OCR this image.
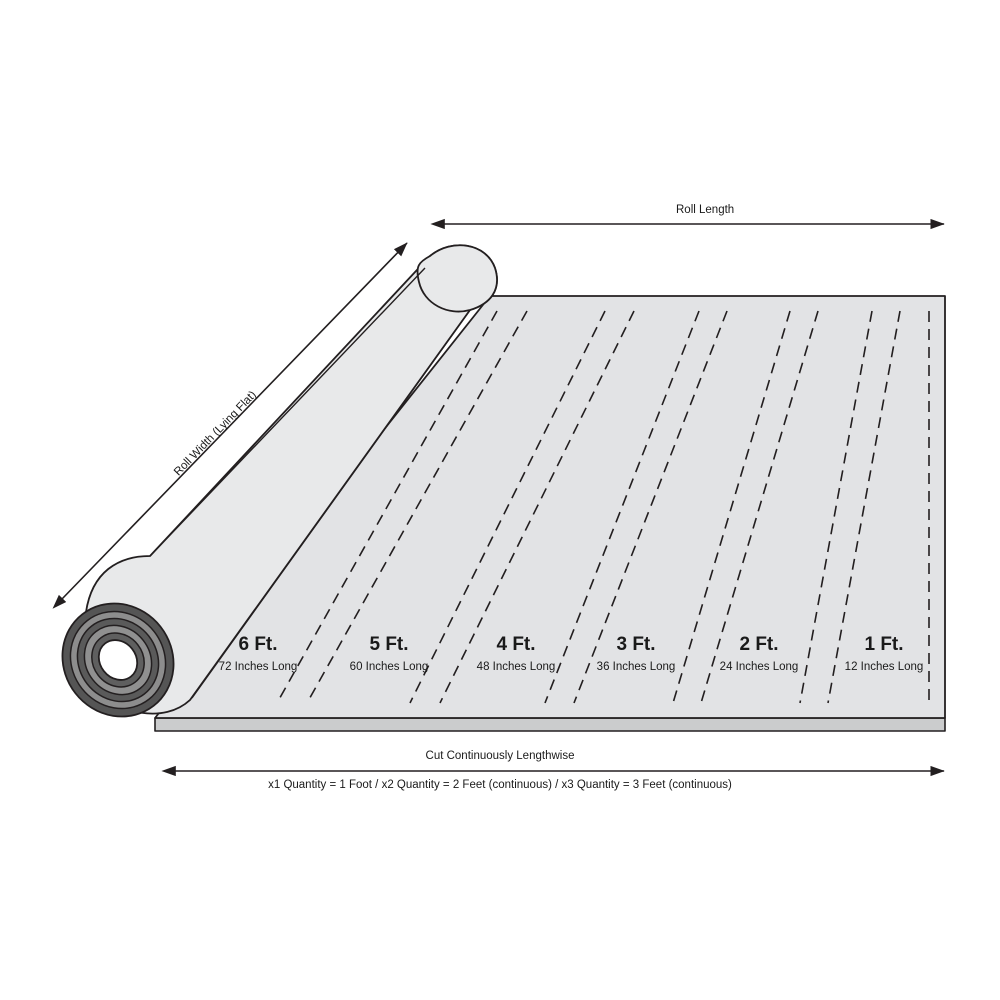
Roll Length
Roll Width (Lying Flat)
6 Ft.
72 Inches Long
5 Ft.
60 Inches Long
4 Ft.
48 Inches Long
3 Ft.
36 Inches Long
2 Ft.
24 Inches Long
1 Ft.
12 Inches Long
Cut Continuously Lengthwise
x1 Quantity = 1 Foot / x2 Quantity = 2 Feet (continuous) / x3 Quantity = 3 Feet (continuous)
